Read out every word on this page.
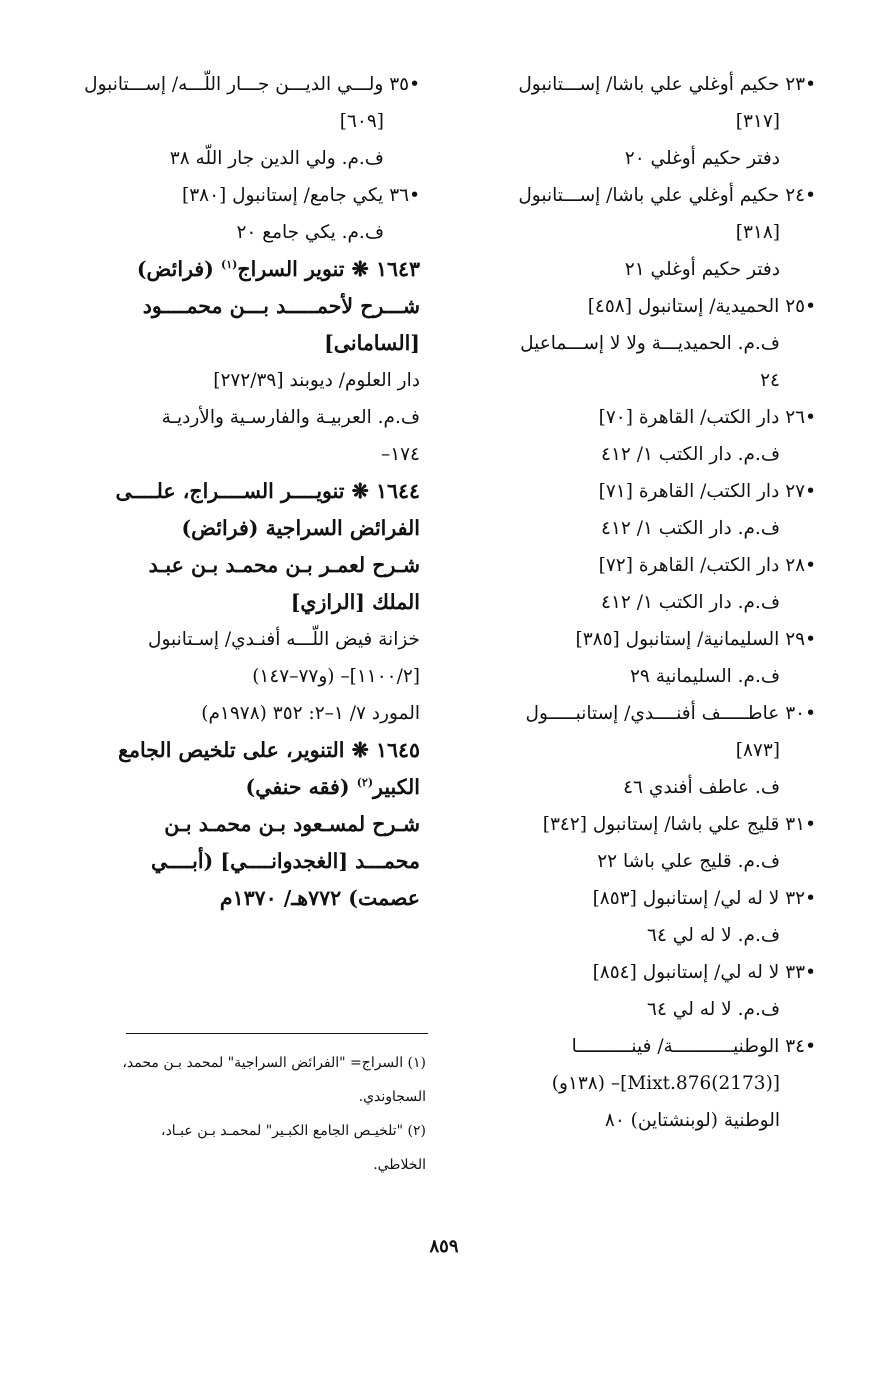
•٢٣ حكيم أوغلي علي باشا/ إســـتانبول
[٣١٧]
دفتر حكيم أوغلي ٢٠
•٢٤ حكيم أوغلي علي باشا/ إســـتانبول
[٣١٨]
دفتر حكيم أوغلي ٢١
•٢٥ الحميدية/ إستانبول [٤٥٨]
ف.م. الحميديـــة ولا لا إســـماعيل
٢٤
•٢٦ دار الكتب/ القاهرة [٧٠]
ف.م. دار الكتب ١/ ٤١٢
•٢٧ دار الكتب/ القاهرة [٧١]
ف.م. دار الكتب ١/ ٤١٢
•٢٨ دار الكتب/ القاهرة [٧٢]
ف.م. دار الكتب ١/ ٤١٢
•٢٩ السليمانية/ إستانبول [٣٨٥]
ف.م. السليمانية ٢٩
•٣٠ عاطـــــف أفنــــدي/ إستانبـــــول
[٨٧٣]
ف. عاطف أفندي ٤٦
•٣١ قليج علي باشا/ إستانبول [٣٤٢]
ف.م. قليج علي باشا ٢٢
•٣٢ لا له لي/ إستانبول [٨٥٣]
ف.م. لا له لي ٦٤
•٣٣ لا له لي/ إستانبول [٨٥٤]
ف.م. لا له لي ٦٤
•٣٤ الوطنيـــــــــــة/ فينــــــــــا
[(2173)Mixt.876]– (١٣٨و)
الوطنية (لوبنشتاين) ٨٠
•٣٥ ولـــي الديـــن جـــار اللّـــه/ إســـتانبول
[٦٠٩]
ف.م. ولي الدين جار اللّه ٣٨
•٣٦ يكي جامع/ إستانبول [٣٨٠]
ف.م. يكي جامع ٢٠
١٦٤٣ ❋ تنوير السراج$^{(١)}$ (فرائض)
شـــرح لأحمـــــد بـــن محمــــود
[السامانى]
دار العلوم/ ديوبند [٢٧٢/٣٩]
ف.م. العربيـة والفارسـية والأرديـة
١٧٤–
١٦٤٤ ❋ تنويــــر الســــراج، علــــى
الفرائض السراجية (فرائض)
شـرح لعمـر بـن محمـد بـن عبـد
الملك [الرازي]
خزانة فيض اللّـــه أفنـدي/ إسـتانبول
[١١٠٠/٢]– (و٧٧–١٤٧)
المورد ٧/ ١–٢: ٣٥٢ (١٩٧٨م)
١٦٤٥ ❋ التنوير، على تلخيص الجامع
الكبير$^{(٢)}$ (فقه حنفي)
شـرح لمسـعود بـن محمـد بـن
محمـــد [الغجدوانــــي] (أبــــي
عصمت) ٧٧٢هـ/ ١٣٧٠م
(١) السراج= "الفرائض السراجية" لمحمد بـن محمد،
السجاوندي.
(٢) "تلخيـص الجامع الكبـير" لمحمـد بـن عبـاد،
الخلاطي.
٨٥٩
